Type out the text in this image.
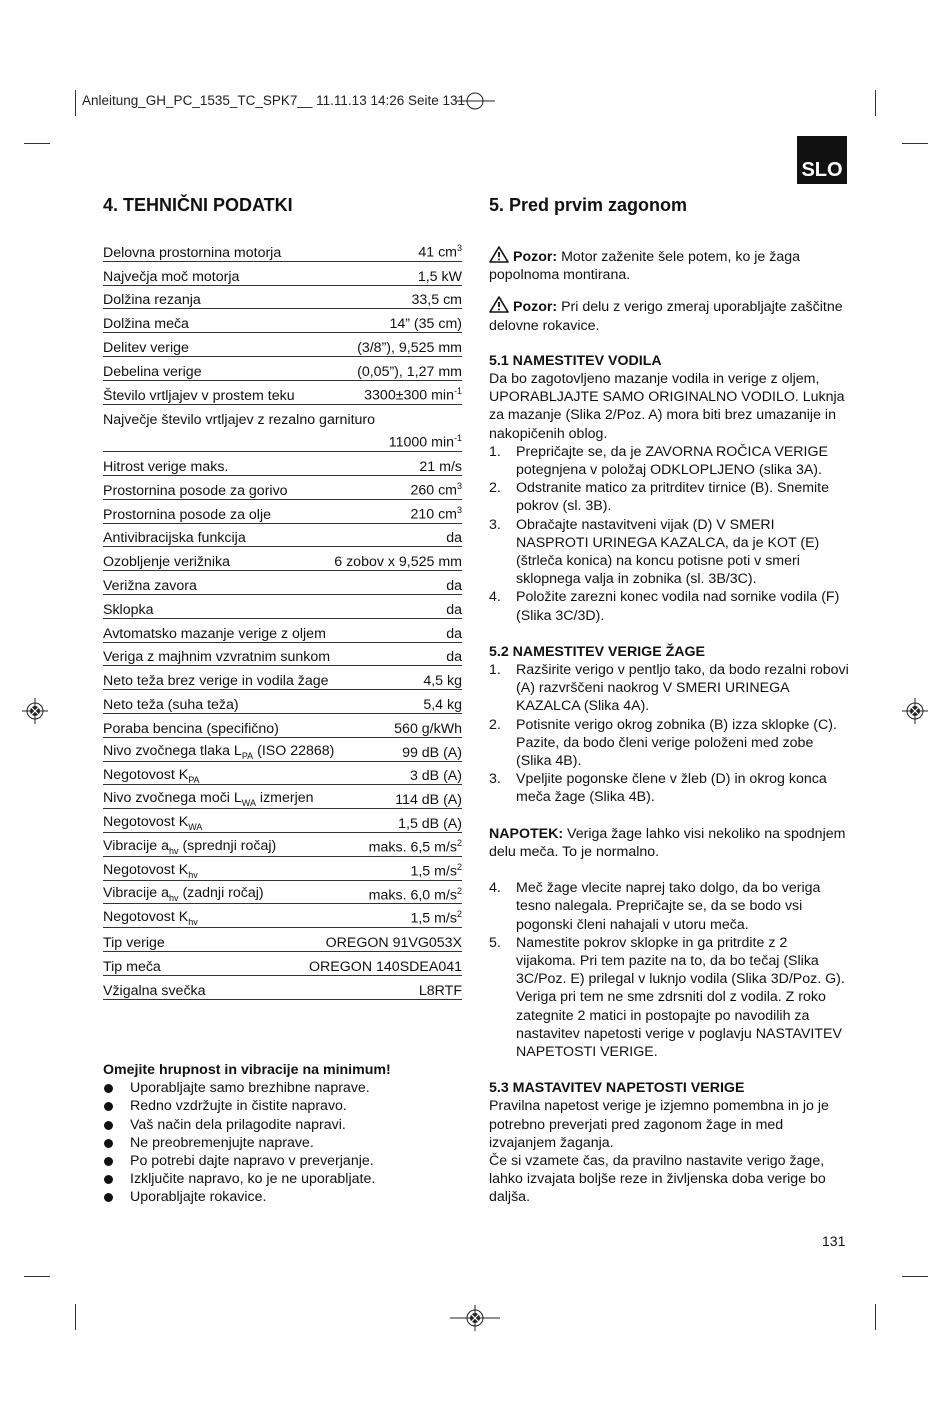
Anleitung_GH_PC_1535_TC_SPK7__ 11.11.13 14:26 Seite 131
SLO
4. TEHNIČNI PODATKI
Delovna prostornina motorja	41 $cm^3$
Največja moč motorja	1,5 kW
Dolžina rezanja	33,5 cm
Dolžina meča	14” (35 cm)
Delitev verige	(3/8”), 9,525 mm
Debelina verige	(0,05”), 1,27 mm
Število vrtljajev v prostem teku	3300±300 $\min^{-1}$
Največje število vrtljajev z rezalno garnituro
11000 $\min^{-1}$
Hitrost verige maks.	21 m/s
Prostornina posode za gorivo	260 $cm^3$
Prostornina posode za olje	210 $cm^3$
Antivibracijska funkcija	da
Ozobljenje verižnika	6 zobov x 9,525 mm
Verižna zavora	da
Sklopka	da
Avtomatsko mazanje verige z oljem	da
Veriga z majhnim vzvratnim sunkom	da
Neto teža brez verige in vodila žage	4,5 kg
Neto teža (suha teža)	5,4 kg
Poraba bencina (specifično)	560 g/kWh
Nivo zvočnega tlaka $L_{PA}$ (ISO 22868)	99 dB (A)
Negotovost $K_{PA}$	3 dB (A)
Nivo zvočnega moči $L_{WA}$ izmerjen	114 dB (A)
Negotovost $K_{WA}$	1,5 dB (A)
Vibracije $a_{hv}$ (sprednji ročaj)	maks. 6,5 $m/s^2$
Negotovost $K_{hv}$	1,5 $m/s^2$
Vibracije $a_{hv}$ (zadnji ročaj)	maks. 6,0 $m/s^2$
Negotovost $K_{hv}$	1,5 $m/s^2$
Tip verige	OREGON 91VG053X
Tip meča	OREGON 140SDEA041
Vžigalna svečka	L8RTF
Omejite hrupnost in vibracije na minimum!
Uporabljajte samo brezhibne naprave.
Redno vzdržujte in čistite napravo.
Vaš način dela prilagodite napravi.
Ne preobremenjujte naprave.
Po potrebi dajte napravo v preverjanje.
Izključite napravo, ko je ne uporabljate.
Uporabljajte rokavice.
5. Pred prvim zagonom

Pozor: Motor zaženite šele potem, ko je žaga popolnoma montirana.

Pozor: Pri delu z verigo zmeraj uporabljajte zaščitne delovne rokavice.

5.1 NAMESTITEV VODILA

Da bo zagotovljeno mazanje vodila in verige z oljem, UPORABLJAJTE SAMO ORIGINALNO VODILO. Luknja za mazanje (Slika 2/Poz. A) mora biti brez umazanije in nakopičenih oblog.

1. Prepričajte se, da je ZAVORNA ROČICA VERIGE potegnjena v položaj ODKLOPLJENO (slika 3A).
2. Odstranite matico za pritrditev tirnice (B). Snemite pokrov (sl. 3B).
3. Obračajte nastavitveni vijak (D) V SMERI NASPROTI URINEGA KAZALCA, da je KOT (E) (štrleča konica) na koncu potisne poti v smeri sklopnega valja in zobnika (sl. 3B/3C).
4. Položite zarezni konec vodila nad sornike vodila (F) (Slika 3C/3D).

5.2 NAMESTITEV VERIGE ŽAGE

1. Razširite verigo v pentljo tako, da bodo rezalni robovi (A) razvrščeni naokrog V SMERI URINEGA KAZALCA (Slika 4A).
2. Potisnite verigo okrog zobnika (B) izza sklopke (C). Pazite, da bodo členi verige položeni med zobe (Slika 4B).
3. Vpeljite pogonske člene v žleb (D) in okrog konca meča žage (Slika 4B).

NAPOTEK: Veriga žage lahko visi nekoliko na spodnjem delu meča. To je normalno.

4. Meč žage vlecite naprej tako dolgo, da bo veriga tesno nalegala. Prepričajte se, da se bodo vsi pogonski členi nahajali v utoru meča.
5. Namestite pokrov sklopke in ga pritrdite z 2 vijakoma. Pri tem pazite na to, da bo tečaj (Slika 3C/Poz. E) prilegal v luknjo vodila (Slika 3D/Poz. G). Veriga pri tem ne sme zdrsniti dol z vodila. Z roko zategnite 2 matici in postopajte po navodilih za nastavitev napetosti verige v poglavju NASTAVITEV NAPETOSTI VERIGE.

5.3 MASTAVITEV NAPETOSTI VERIGE

Pravilna napetost verige je izjemno pomembna in jo je potrebno preverjati pred zagonom žage in med izvajanjem žaganja.

Če si vzamete čas, da pravilno nastavite verigo žage, lahko izvajata boljše reze in življenska doba verige bo daljša.

131
